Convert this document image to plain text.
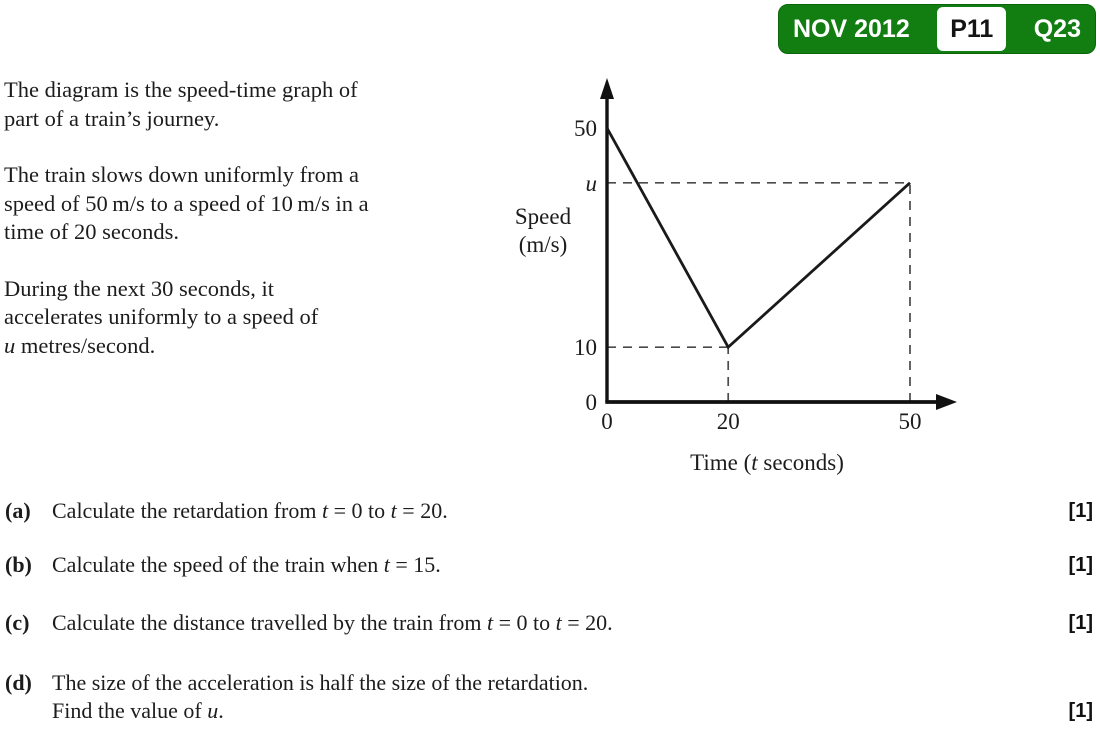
NOV 2012	P11	Q23
The diagram is the speed-time graph of
part of a train’s journey.
The train slows down uniformly from a
speed of 50 m/s to a speed of 10 m/s in a
time of 20 seconds.
During the next 30 seconds, it
accelerates uniformly to a speed of
u metres/second.
50
u
10
0
0	20	50
Speed
(m/s)
Time (t seconds)
(a) Calculate the retardation from t = 0 to t = 20.	[1]
(b) Calculate the speed of the train when t = 15.	[1]
(c)	Calculate the distance travelled by the train from t = 0 to t = 20.	[1]
(d) The size of the acceleration is half the size of the retardation.
Find the value of u.	[1]
